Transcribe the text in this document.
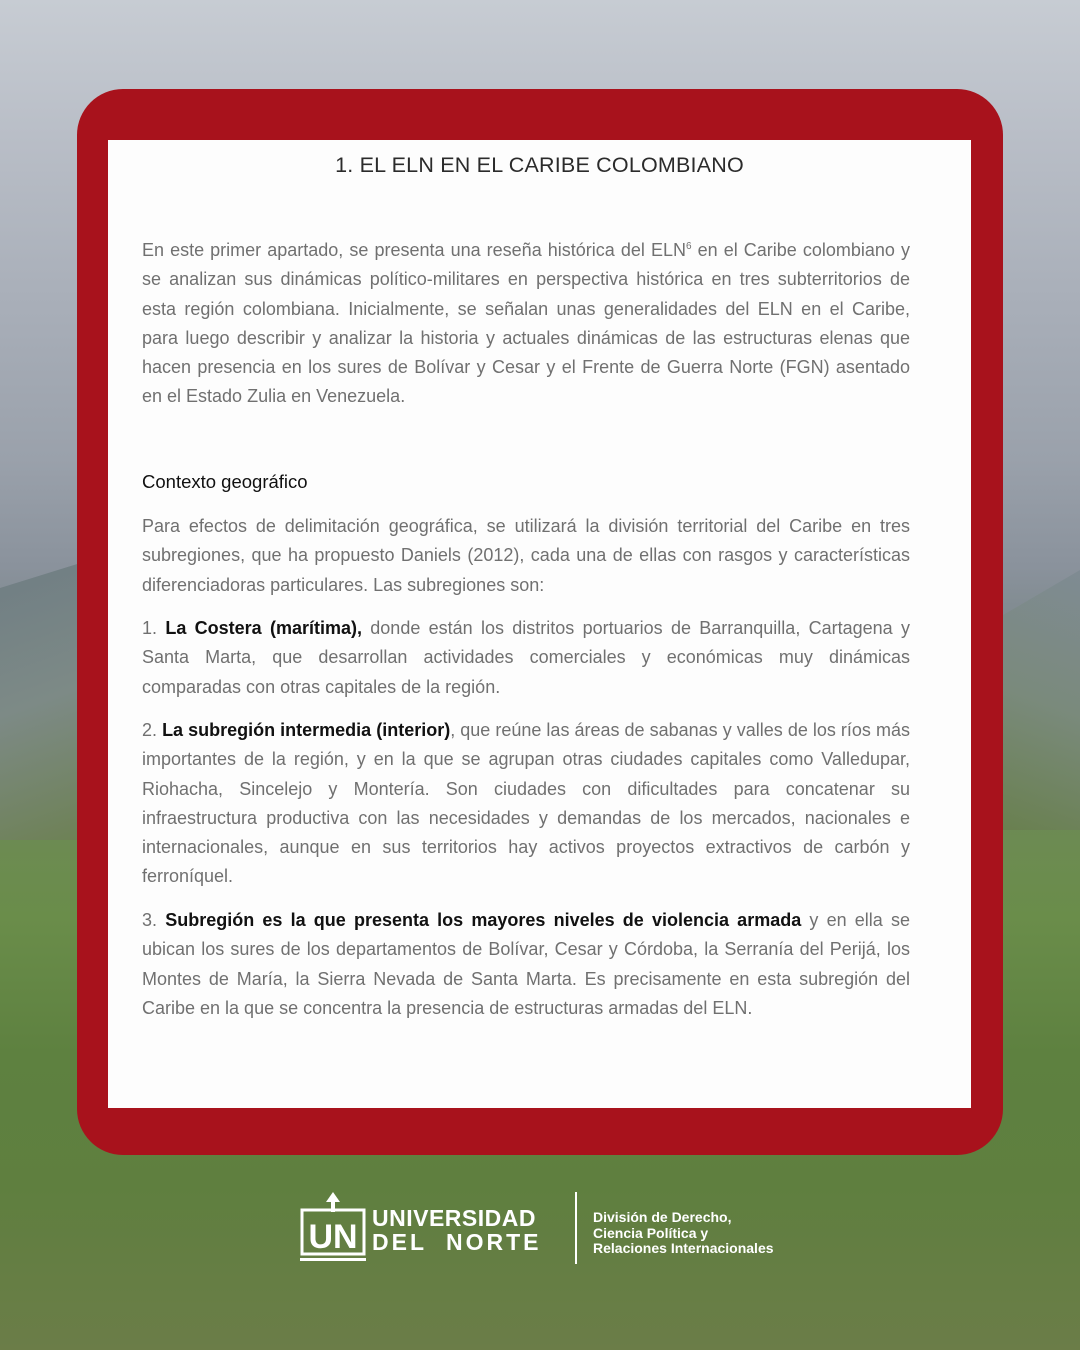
1. EL ELN EN EL CARIBE COLOMBIANO

En este primer apartado, se presenta una reseña histórica del ELN$^6$ en el Caribe colombiano y se analizan sus dinámicas político-militares en perspectiva histórica en tres subterritorios de esta región colombiana. Inicialmente, se señalan unas generalidades del ELN en el Caribe, para luego describir y analizar la historia y actuales dinámicas de las estructuras elenas que hacen presencia en los sures de Bolívar y Cesar y el Frente de Guerra Norte (FGN) asentado en el Estado Zulia en Venezuela.

Contexto geográfico

Para efectos de delimitación geográfica, se utilizará la división territorial del Caribe en tres subregiones, que ha propuesto Daniels (2012), cada una de ellas con rasgos y características diferenciadoras particulares. Las subregiones son:

1. La Costera (marítima), donde están los distritos portuarios de Barranquilla, Cartagena y Santa Marta, que desarrollan actividades comerciales y económicas muy dinámicas comparadas con otras capitales de la región.

2. La subregión intermedia (interior), que reúne las áreas de sabanas y valles de los ríos más importantes de la región, y en la que se agrupan otras ciudades capitales como Valledupar, Riohacha, Sincelejo y Montería. Son ciudades con dificultades para concatenar su infraestructura productiva con las necesidades y demandas de los mercados, nacionales e internacionales, aunque en sus territorios hay activos proyectos extractivos de carbón y ferroníquel.

3. Subregión es la que presenta los mayores niveles de violencia armada y en ella se ubican los sures de los departamentos de Bolívar, Cesar y Córdoba, la Serranía del Perijá, los Montes de María, la Sierra Nevada de Santa Marta. Es precisamente en esta subregión del Caribe en la que se concentra la presencia de estructuras armadas del ELN.

UN UNIVERSIDAD
DEL NORTE
División de Derecho,
Ciencia Política y
Relaciones Internacionales
